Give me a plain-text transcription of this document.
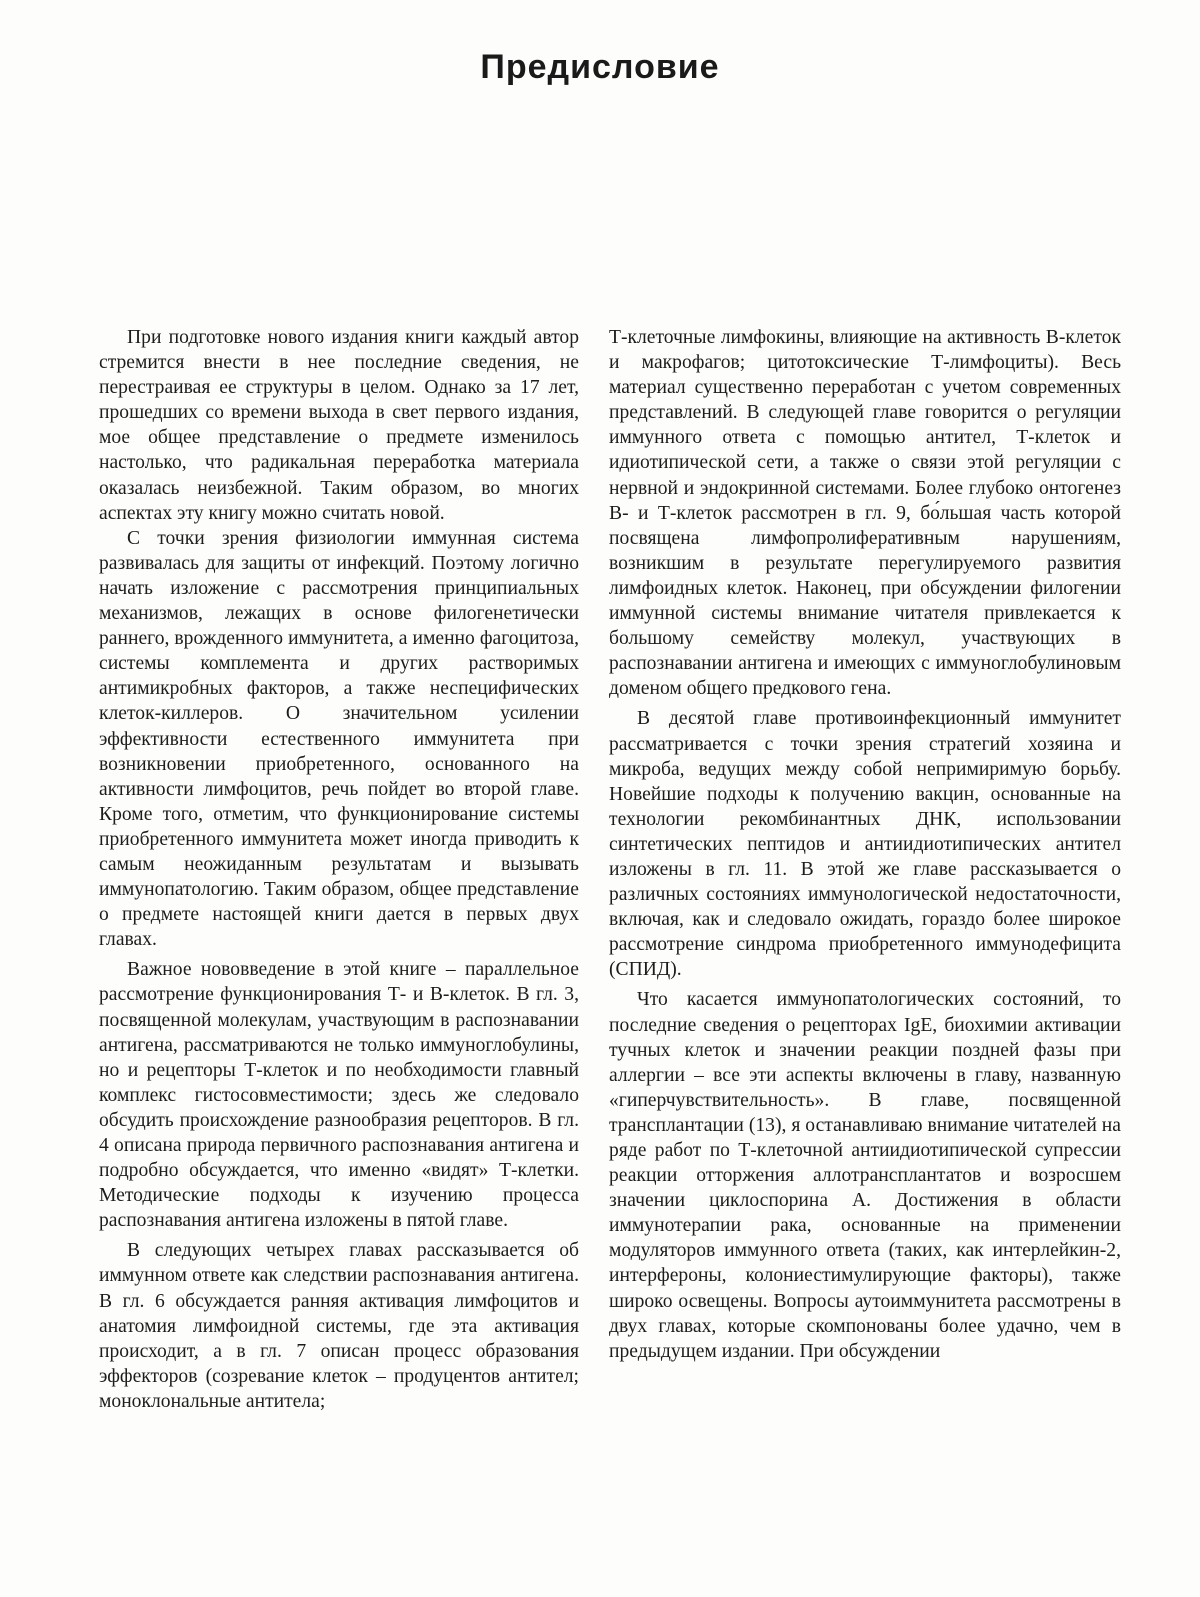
Предисловие

При подготовке нового издания книги каждый автор стремится внести в нее последние сведения, не перестраивая ее структуры в целом. Однако за 17 лет, прошедших со времени выхода в свет первого издания, мое общее представление о предмете изменилось настолько, что радикальная переработка материала оказалась неизбежной. Таким образом, во многих аспектах эту книгу можно считать новой.

С точки зрения физиологии иммунная система развивалась для защиты от инфекций. Поэтому логично начать изложение с рассмотрения принципиальных механизмов, лежащих в основе филогенетически раннего, врожденного иммунитета, а именно фагоцитоза, системы комплемента и других растворимых антимикробных факторов, а также неспецифических клеток-киллеров. О значительном усилении эффективности естественного иммунитета при возникновении приобретенного, основанного на активности лимфоцитов, речь пойдет во второй главе. Кроме того, отметим, что функционирование системы приобретенного иммунитета может иногда приводить к самым неожиданным результатам и вызывать иммунопатологию. Таким образом, общее представление о предмете настоящей книги дается в первых двух главах.

Важное нововведение в этой книге – параллельное рассмотрение функционирования Т- и В-клеток. В гл. 3, посвященной молекулам, участвующим в распознавании антигена, рассматриваются не только иммуноглобулины, но и рецепторы Т-клеток и по необходимости главный комплекс гистосовместимости; здесь же следовало обсудить происхождение разнообразия рецепторов. В гл. 4 описана природа первичного распознавания антигена и подробно обсуждается, что именно «видят» Т-клетки. Методические подходы к изучению процесса распознавания антигена изложены в пятой главе.

В следующих четырех главах рассказывается об иммунном ответе как следствии распознавания антигена. В гл. 6 обсуждается ранняя активация лимфоцитов и анатомия лимфоидной системы, где эта активация происходит, а в гл. 7 описан процесс образования эффекторов (созревание клеток – продуцентов антител; моноклональные антитела;

Т-клеточные лимфокины, влияющие на активность В-клеток и макрофагов; цитотоксические Т-лимфоциты). Весь материал существенно переработан с учетом современных представлений. В следующей главе говорится о регуляции иммунного ответа с помощью антител, Т-клеток и идиотипической сети, а также о связи этой регуляции с нервной и эндокринной системами. Более глубоко онтогенез В- и Т-клеток рассмотрен в гл. 9, бо́льшая часть которой посвящена лимфопролиферативным нарушениям, возникшим в результате перегулируемого развития лимфоидных клеток. Наконец, при обсуждении филогении иммунной системы внимание читателя привлекается к большому семейству молекул, участвующих в распознавании антигена и имеющих с иммуноглобулиновым доменом общего предкового гена.

В десятой главе противоинфекционный иммунитет рассматривается с точки зрения стратегий хозяина и микроба, ведущих между собой непримиримую борьбу. Новейшие подходы к получению вакцин, основанные на технологии рекомбинантных ДНК, использовании синтетических пептидов и антиидиотипических антител изложены в гл. 11. В этой же главе рассказывается о различных состояниях иммунологической недостаточности, включая, как и следовало ожидать, гораздо более широкое рассмотрение синдрома приобретенного иммунодефицита (СПИД).

Что касается иммунопатологических состояний, то последние сведения о рецепторах IgE, биохимии активации тучных клеток и значении реакции поздней фазы при аллергии – все эти аспекты включены в главу, названную «гиперчувствительность». В главе, посвященной трансплантации (13), я останавливаю внимание читателей на ряде работ по Т-клеточной антиидиотипической супрессии реакции отторжения аллотрансплантатов и возросшем значении циклоспорина А. Достижения в области иммунотерапии рака, основанные на применении модуляторов иммунного ответа (таких, как интерлейкин-2, интерфероны, колониестимулирующие факторы), также широко освещены. Вопросы аутоиммунитета рассмотрены в двух главах, которые скомпонованы более удачно, чем в предыдущем издании. При обсуждении
